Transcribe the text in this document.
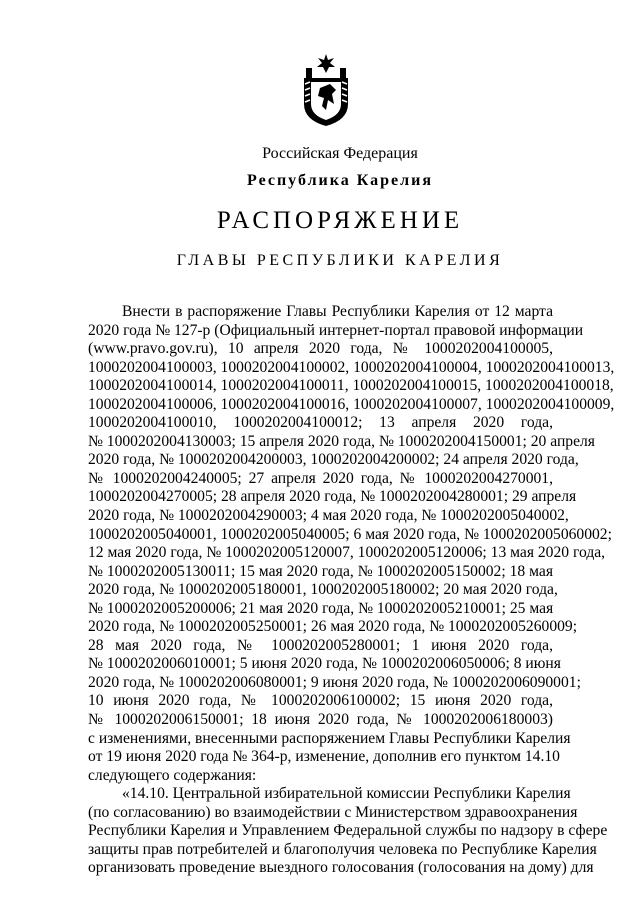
Российская Федерация
Республика Карелия
РАСПОРЯЖЕНИЕ
ГЛАВЫ РЕСПУБЛИКИ КАРЕЛИЯ
Внести в распоряжение Главы Республики Карелия от 12 марта
2020 года № 127-р (Официальный интернет-портал правовой информации
(www.pravo.gov.ru), 10 апреля 2020 года, № 1000202004100005,
1000202004100003, 1000202004100002, 1000202004100004, 1000202004100013,
1000202004100014, 1000202004100011, 1000202004100015, 1000202004100018,
1000202004100006, 1000202004100016, 1000202004100007, 1000202004100009,
1000202004100010, 1000202004100012; 13 апреля 2020 года,
№ 1000202004130003; 15 апреля 2020 года, № 1000202004150001; 20 апреля
2020 года, № 1000202004200003, 1000202004200002; 24 апреля 2020 года,
№ 1000202004240005; 27 апреля 2020 года, № 1000202004270001,
1000202004270005; 28 апреля 2020 года, № 1000202004280001; 29 апреля
2020 года, № 1000202004290003; 4 мая 2020 года, № 1000202005040002,
1000202005040001, 1000202005040005; 6 мая 2020 года, № 1000202005060002;
12 мая 2020 года, № 1000202005120007, 1000202005120006; 13 мая 2020 года,
№ 1000202005130011; 15 мая 2020 года, № 1000202005150002; 18 мая
2020 года, № 1000202005180001, 1000202005180002; 20 мая 2020 года,
№ 1000202005200006; 21 мая 2020 года, № 1000202005210001; 25 мая
2020 года, № 1000202005250001; 26 мая 2020 года, № 1000202005260009;
28 мая 2020 года, № 1000202005280001; 1 июня 2020 года,
№ 1000202006010001; 5 июня 2020 года, № 1000202006050006; 8 июня
2020 года, № 1000202006080001; 9 июня 2020 года, № 1000202006090001;
10 июня 2020 года, № 1000202006100002; 15 июня 2020 года,
№ 1000202006150001; 18 июня 2020 года, № 1000202006180003)
с изменениями, внесенными распоряжением Главы Республики Карелия
от 19 июня 2020 года № 364-р, изменение, дополнив его пунктом 14.10
следующего содержания:
«14.10. Центральной избирательной комиссии Республики Карелия
(по согласованию) во взаимодействии с Министерством здравоохранения
Республики Карелия и Управлением Федеральной службы по надзору в сфере
защиты прав потребителей и благополучия человека по Республике Карелия
организовать проведение выездного голосования (голосования на дому) для
